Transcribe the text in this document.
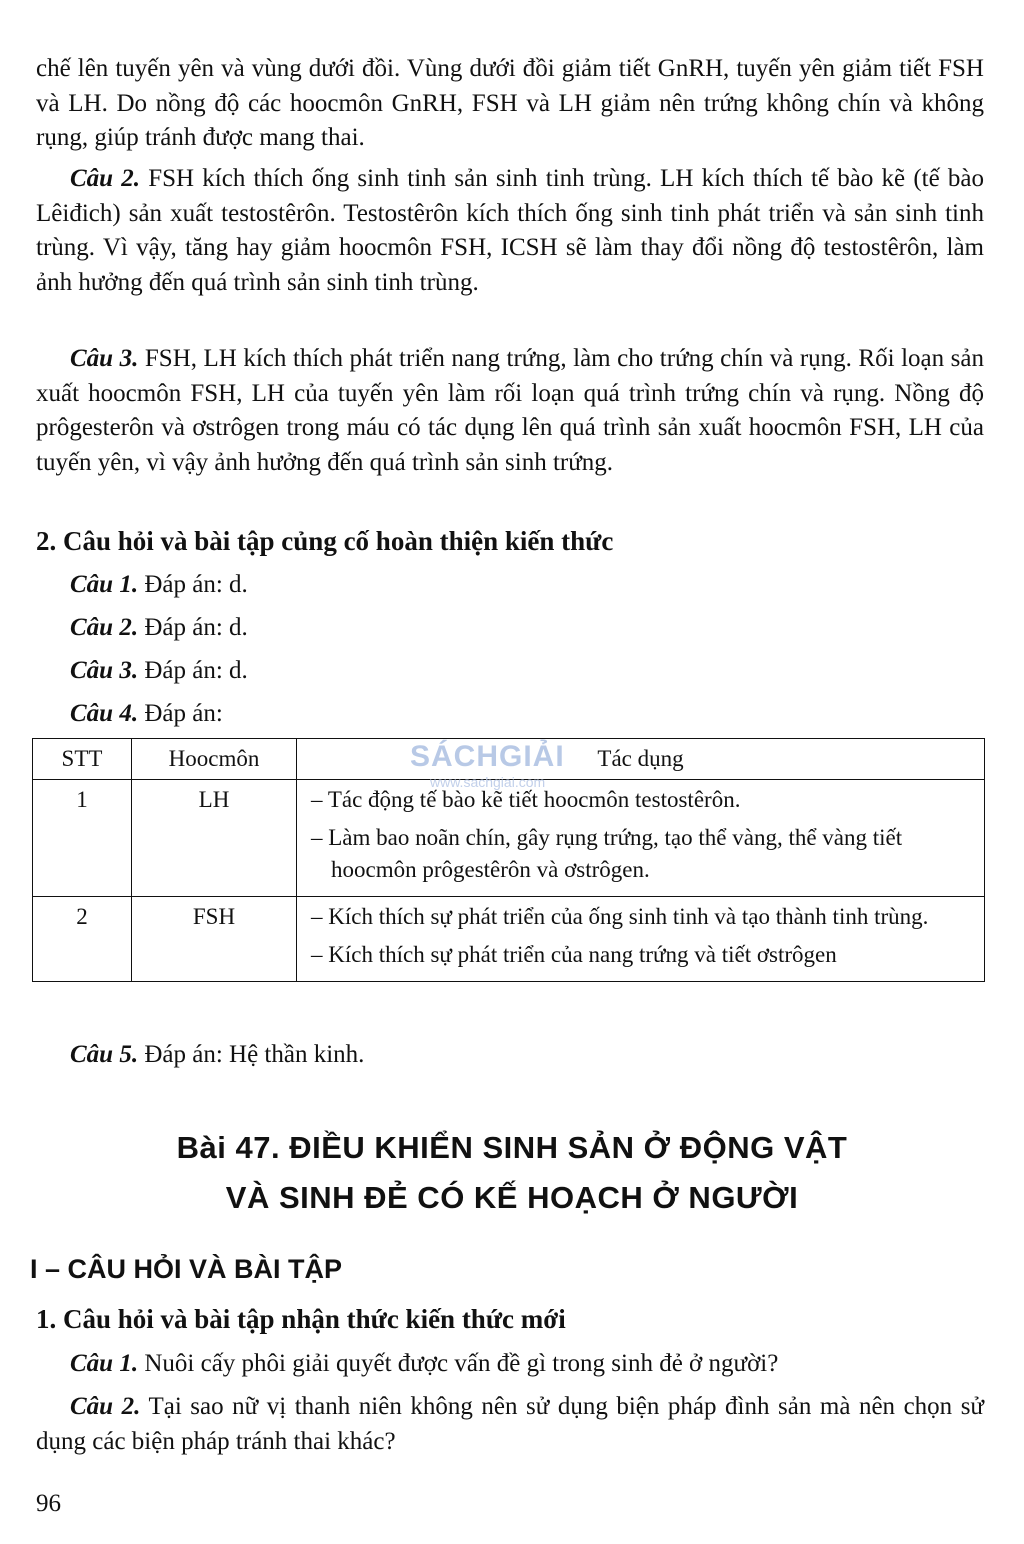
chế lên tuyến yên và vùng dưới đồi. Vùng dưới đồi giảm tiết GnRH, tuyến yên giảm tiết FSH và LH. Do nồng độ các hoocmôn GnRH, FSH và LH giảm nên trứng không chín và không rụng, giúp tránh được mang thai.

Câu 2. FSH kích thích ống sinh tinh sản sinh tinh trùng. LH kích thích tế bào kẽ (tế bào Lêiđich) sản xuất testostêrôn. Testostêrôn kích thích ống sinh tinh phát triển và sản sinh tinh trùng. Vì vậy, tăng hay giảm hoocmôn FSH, ICSH sẽ làm thay đổi nồng độ testostêrôn, làm ảnh hưởng đến quá trình sản sinh tinh trùng.

Câu 3. FSH, LH kích thích phát triển nang trứng, làm cho trứng chín và rụng. Rối loạn sản xuất hoocmôn FSH, LH của tuyến yên làm rối loạn quá trình trứng chín và rụng. Nồng độ prôgesterôn và ơstrôgen trong máu có tác dụng lên quá trình sản xuất hoocmôn FSH, LH của tuyến yên, vì vậy ảnh hưởng đến quá trình sản sinh trứng.

2. Câu hỏi và bài tập củng cố hoàn thiện kiến thức

Câu 1. Đáp án: d.

Câu 2. Đáp án: d.

Câu 3. Đáp án: d.

Câu 4. Đáp án:

STT	Hoocmôn	Tác dụng
1	LH	– Tác động tế bào kẽ tiết hoocmôn testostêrôn.
– Làm bao noãn chín, gây rụng trứng, tạo thể vàng, thể vàng tiết hoocmôn prôgestêrôn và ơstrôgen.

2	FSH	– Kích thích sự phát triển của ống sinh tinh và tạo thành tinh trùng.
– Kích thích sự phát triển của nang trứng và tiết ơstrôgen
SÁCHGIẢI
www.sachgiai.com

Câu 5. Đáp án: Hệ thần kinh.

Bài 47. ĐIỀU KHIỂN SINH SẢN Ở ĐỘNG VẬT
VÀ SINH ĐẺ CÓ KẾ HOẠCH Ở NGƯỜI
I – CÂU HỎI VÀ BÀI TẬP
1. Câu hỏi và bài tập nhận thức kiến thức mới

Câu 1. Nuôi cấy phôi giải quyết được vấn đề gì trong sinh đẻ ở người?

Câu 2. Tại sao nữ vị thanh niên không nên sử dụng biện pháp đình sản mà nên chọn sử dụng các biện pháp tránh thai khác?

96
